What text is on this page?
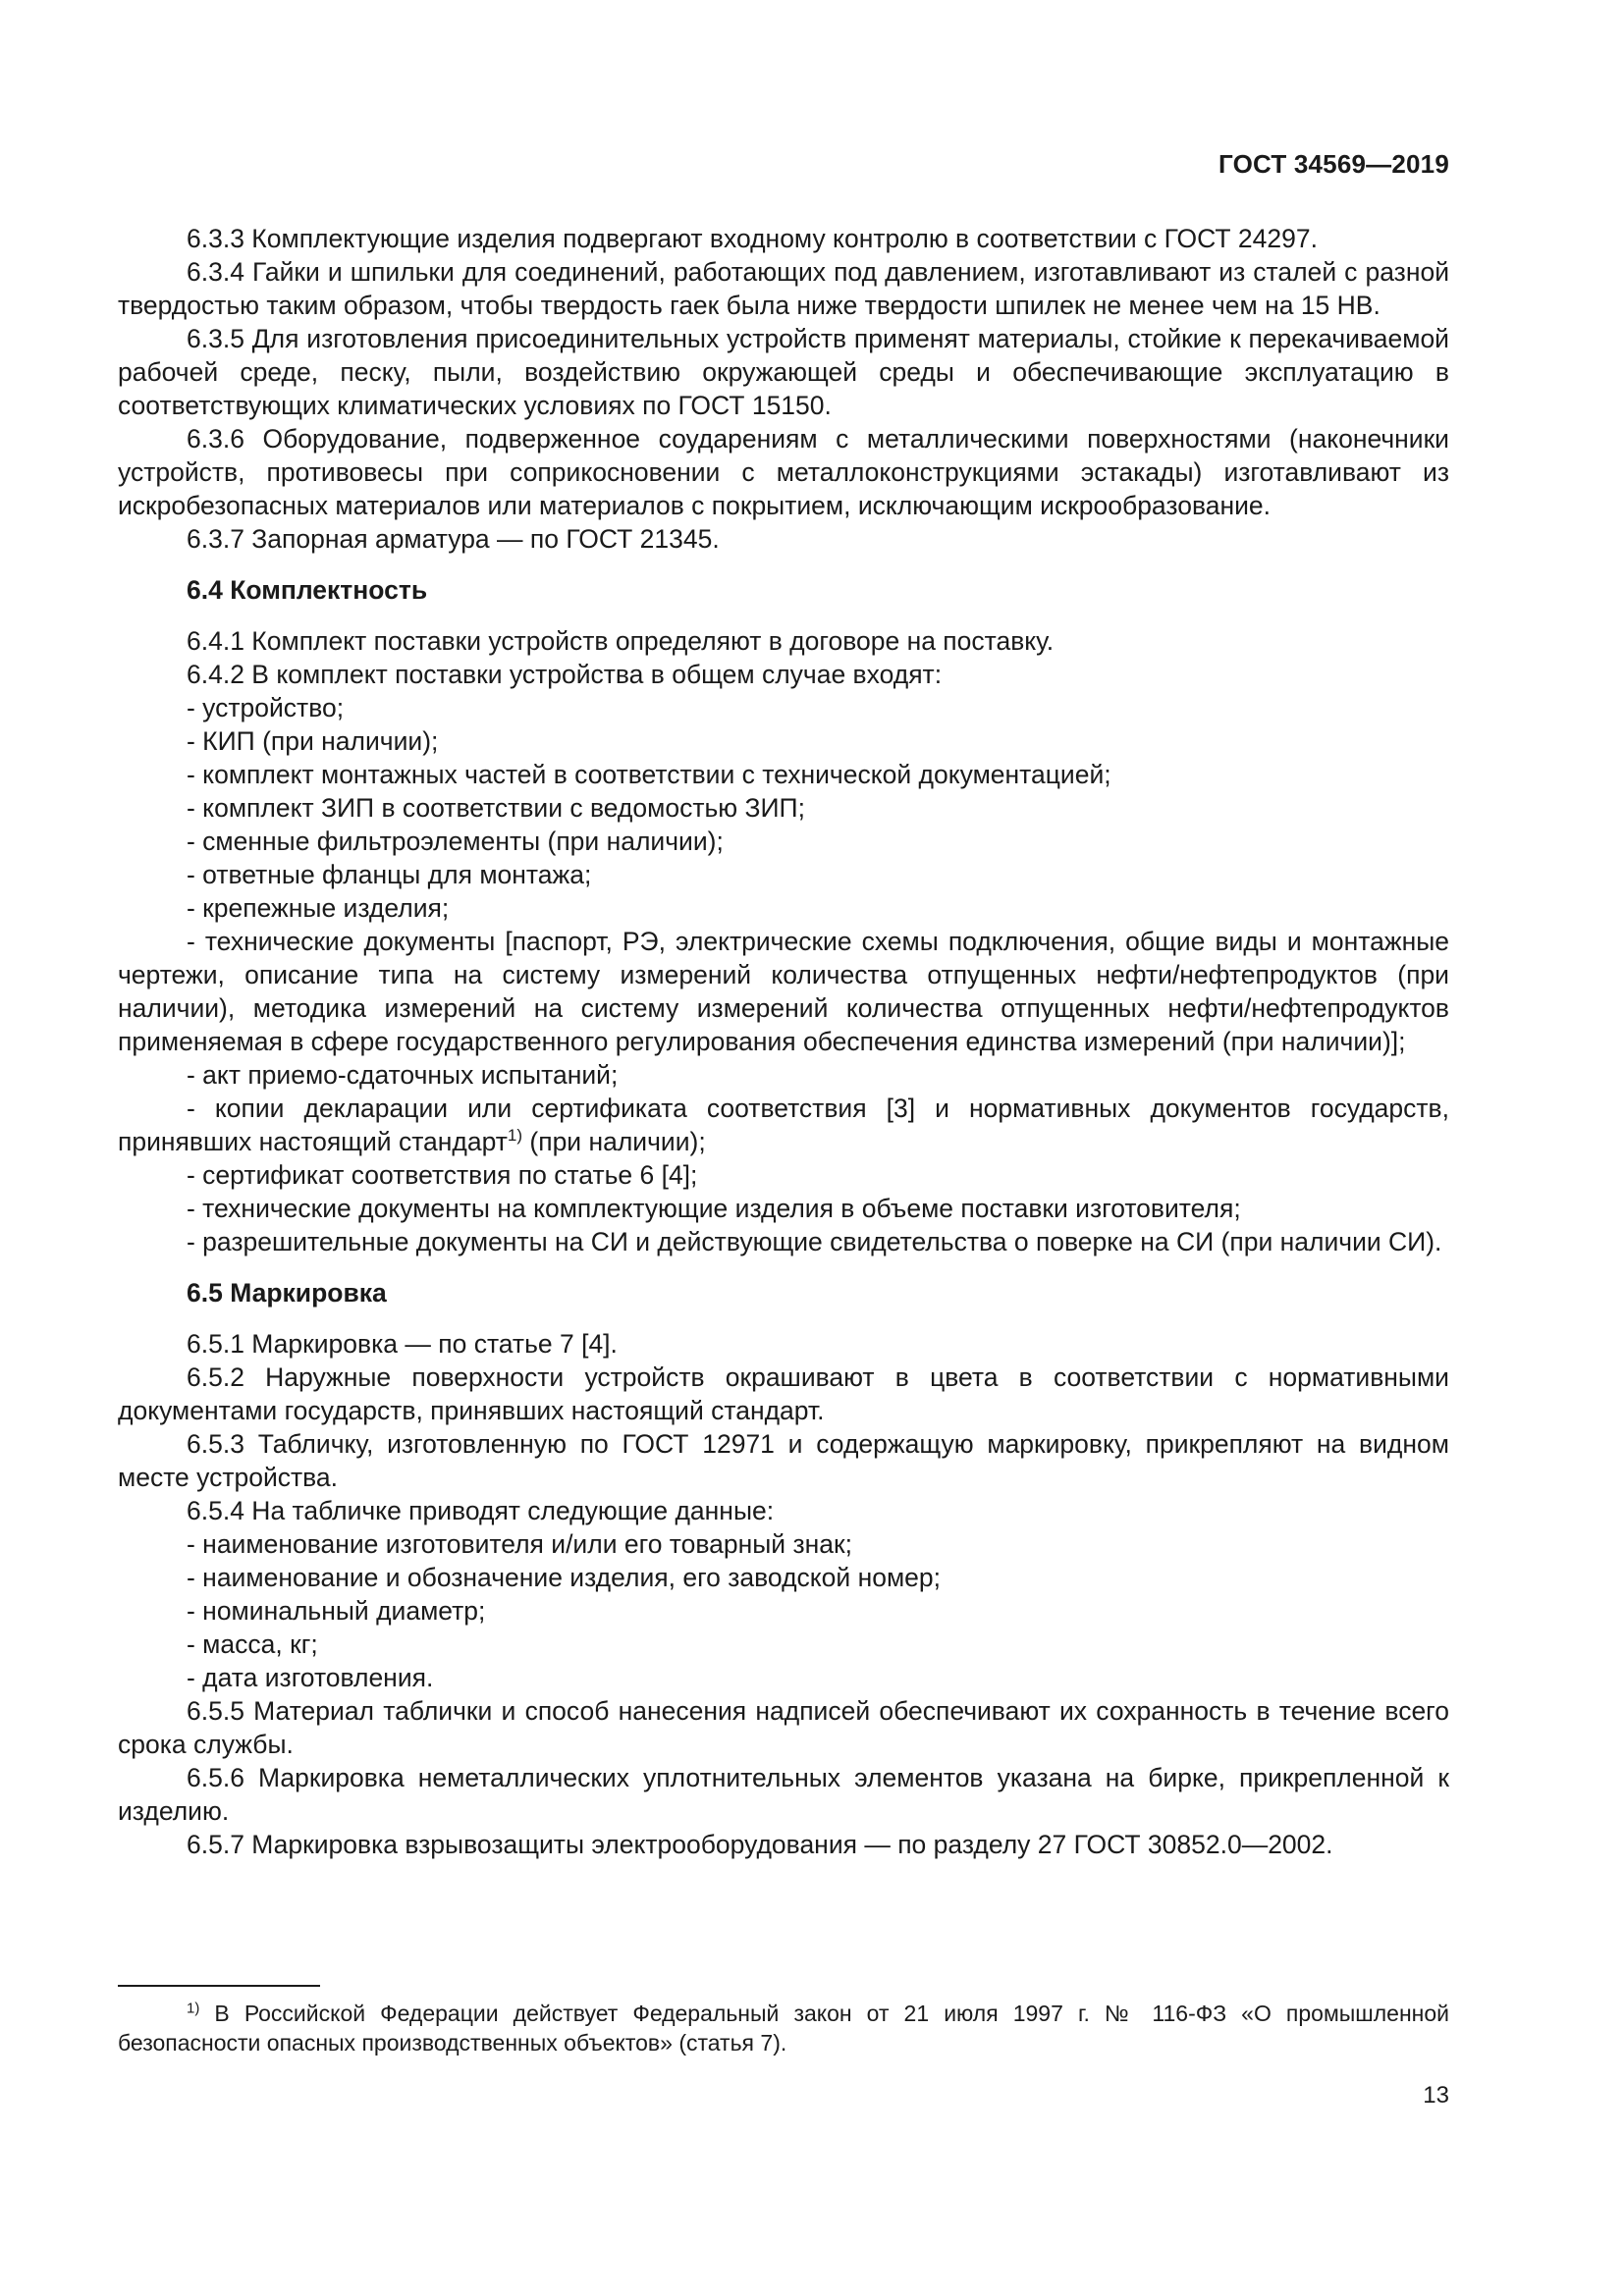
ГОСТ 34569—2019

6.3.3 Комплектующие изделия подвергают входному контролю в соответствии с ГОСТ 24297.

6.3.4 Гайки и шпильки для соединений, работающих под давлением, изготавливают из сталей с разной твердостью таким образом, чтобы твердость гаек была ниже твердости шпилек не менее чем на 15 НВ.

6.3.5 Для изготовления присоединительных устройств применят материалы, стойкие к перекачиваемой рабочей среде, песку, пыли, воздействию окружающей среды и обеспечивающие эксплуатацию в соответствующих климатических условиях по ГОСТ 15150.

6.3.6 Оборудование, подверженное соударениям с металлическими поверхностями (наконечники устройств, противовесы при соприкосновении с металлоконструкциями эстакады) изготавливают из искробезопасных материалов или материалов с покрытием, исключающим искрообразование.

6.3.7 Запорная арматура — по ГОСТ 21345.

6.4 Комплектность

6.4.1 Комплект поставки устройств определяют в договоре на поставку.

6.4.2 В комплект поставки устройства в общем случае входят:

- устройство;

- КИП (при наличии);

- комплект монтажных частей в соответствии с технической документацией;

- комплект ЗИП в соответствии с ведомостью ЗИП;

- сменные фильтроэлементы (при наличии);

- ответные фланцы для монтажа;

- крепежные изделия;

- технические документы [паспорт, РЭ, электрические схемы подключения, общие виды и монтажные чертежи, описание типа на систему измерений количества отпущенных нефти/нефтепродуктов (при наличии), методика измерений на систему измерений количества отпущенных нефти/нефтепродуктов применяемая в сфере государственного регулирования обеспечения единства измерений (при наличии)];

- акт приемо-сдаточных испытаний;

- копии декларации или сертификата соответствия [3] и нормативных документов государств, принявших настоящий стандарт$^{1)}$ (при наличии);

- сертификат соответствия по статье 6 [4];

- технические документы на комплектующие изделия в объеме поставки изготовителя;

- разрешительные документы на СИ и действующие свидетельства о поверке на СИ (при наличии СИ).

6.5 Маркировка

6.5.1 Маркировка — по статье 7 [4].

6.5.2 Наружные поверхности устройств окрашивают в цвета в соответствии с нормативными документами государств, принявших настоящий стандарт.

6.5.3 Табличку, изготовленную по ГОСТ 12971 и содержащую маркировку, прикрепляют на видном месте устройства.

6.5.4 На табличке приводят следующие данные:

- наименование изготовителя и/или его товарный знак;

- наименование и обозначение изделия, его заводской номер;

- номинальный диаметр;

- масса, кг;

- дата изготовления.

6.5.5 Материал таблички и способ нанесения надписей обеспечивают их сохранность в течение всего срока службы.

6.5.6 Маркировка неметаллических уплотнительных элементов указана на бирке, прикрепленной к изделию.

6.5.7 Маркировка взрывозащиты электрооборудования — по разделу 27 ГОСТ 30852.0—2002.

$^{1)}$ В Российской Федерации действует Федеральный закон от 21 июля 1997 г. № 116-ФЗ «О промышленной безопасности опасных производственных объектов» (статья 7).

13
